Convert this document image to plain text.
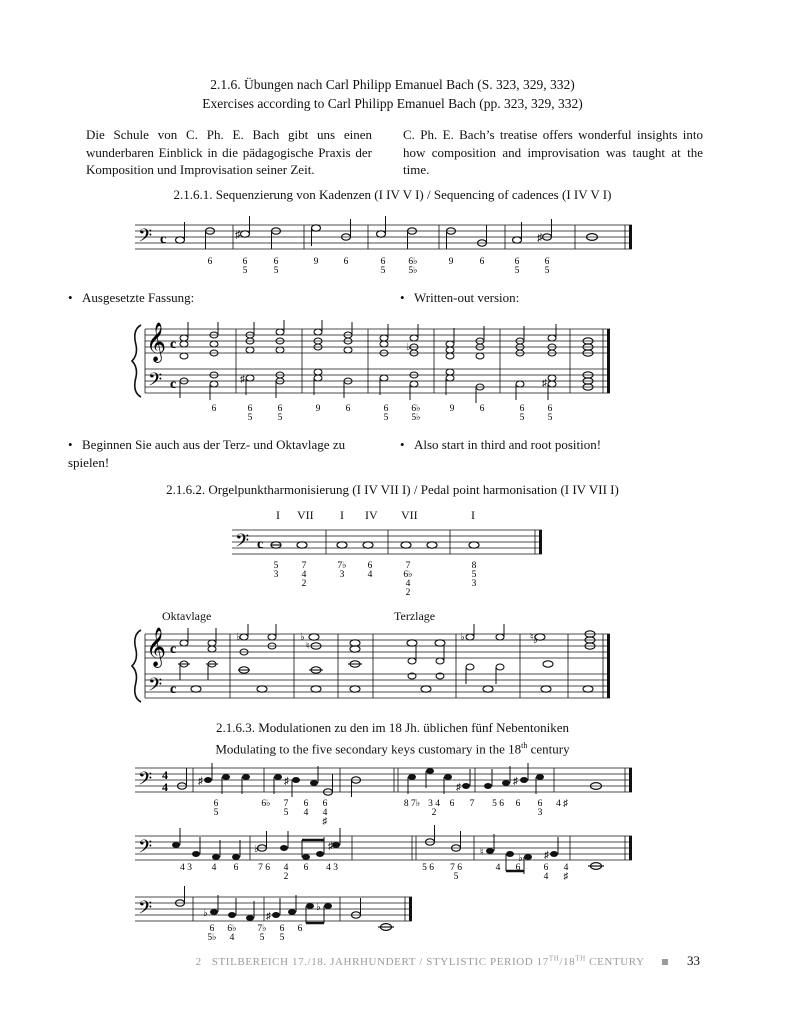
2.1.6. Übungen nach Carl Philipp Emanuel Bach (S. 323, 329, 332)
Exercises according to Carl Philipp Emanuel Bach (pp. 323, 329, 332)
Die Schule von C. Ph. E. Bach gibt uns einen wunderbaren Einblick in die pädagogische Praxis der Komposition und Improvisation seiner Zeit.
C. Ph. E. Bach’s treatise offers wonderful insights into how composition and improvisation was taught at the time.
2.1.6.1. Sequenzierung von Kadenzen (I IV V I) / Sequencing of cadences (I IV V I)
𝄢 c	♯	♯
6	6
5
6
5
9	6	6
5
6♭
5♭
9	6	6
5
6
5
• Ausgesetzte Fassung:	• Written-out version:
𝄞
𝄢
c
c	♯	♯
♭
6	6
5
6
5
9	6	6
5
6♭
5♭
9	6	6
5
6
5
• Beginnen Sie auch aus der Terz- und Oktavlage zu spielen!
• Also start in third and root position!
2.1.6.2. Orgelpunktharmonisierung (I IV VII I) / Pedal point harmonisation (I IV VII I)
I VII I IV VII	I
𝄢 c
5
3
7
4
2
7♭
3
6
4
7
6♭
4
2
8
5
3
Oktavlage	Terzlage
𝄞
𝄢
c
c
♭	♭
♮
♭	♮ ♭
2.1.6.3. Modulationen zu den im 18 Jh. üblichen fünf Nebentoniken
Modulating to the five secondary keys customary in the 18th century
𝄢 4
4	♯	♯
♯
♯
6
5
6♭ 7
5
6
4
6
4
♯
8 7♭ 3 4
2
6 7 5 6 6 6
3
4 ♯
𝄢	♭	♯
♮
♭ ♯
4 3 4 6 7 6 4
2
6 4 3	5 6 7 6
5
4 6 6
4
4
♯
𝄢	♭	♯
♭
6
5♭
6♭
4
7♭
5
6
5
6
2 STILBEREICH 17./18. JAHRHUNDERT / STYLISTIC PERIOD 17TH/18TH CENTURY	33
